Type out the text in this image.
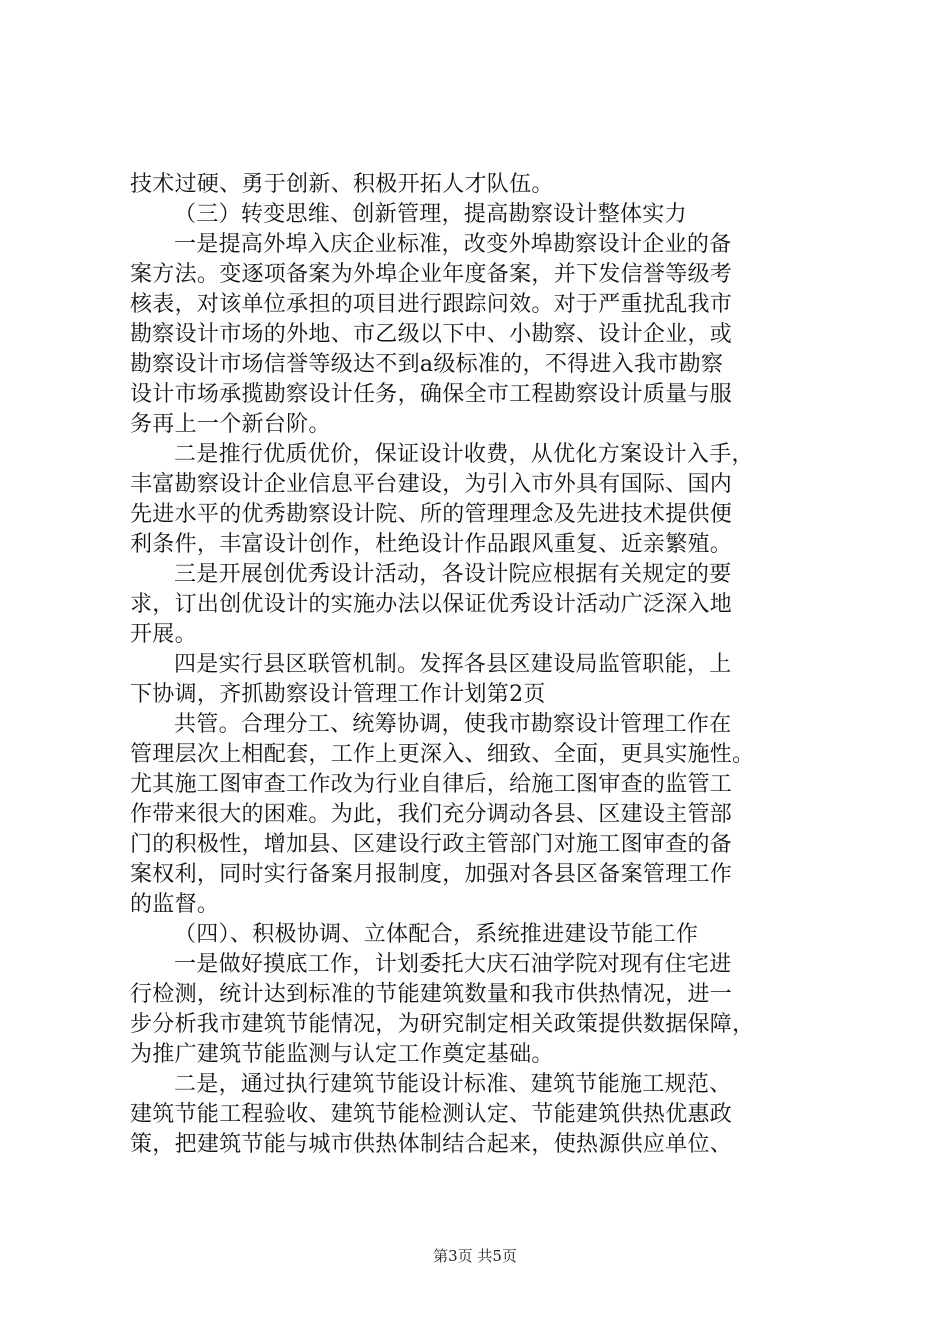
技术过硬、勇于创新、积极开拓人才队伍。
（三）转变思维、创新管理，提高勘察设计整体实力
一是提高外埠入庆企业标准，改变外埠勘察设计企业的备
案方法。变逐项备案为外埠企业年度备案，并下发信誉等级考
核表，对该单位承担的项目进行跟踪问效。对于严重扰乱我市
勘察设计市场的外地、市乙级以下中、小勘察、设计企业，或
勘察设计市场信誉等级达不到a级标准的，不得进入我市勘察
设计市场承揽勘察设计任务，确保全市工程勘察设计质量与服
务再上一个新台阶。
二是推行优质优价，保证设计收费，从优化方案设计入手，
丰富勘察设计企业信息平台建设，为引入市外具有国际、国内
先进水平的优秀勘察设计院、所的管理理念及先进技术提供便
利条件，丰富设计创作，杜绝设计作品跟风重复、近亲繁殖。
三是开展创优秀设计活动，各设计院应根据有关规定的要
求，订出创优设计的实施办法以保证优秀设计活动广泛深入地
开展。
四是实行县区联管机制。发挥各县区建设局监管职能，上
下协调，齐抓勘察设计管理工作计划第2页
共管。合理分工、统筹协调，使我市勘察设计管理工作在
管理层次上相配套，工作上更深入、细致、全面，更具实施性。
尤其施工图审查工作改为行业自律后，给施工图审查的监管工
作带来很大的困难。为此，我们充分调动各县、区建设主管部
门的积极性，增加县、区建设行政主管部门对施工图审查的备
案权利，同时实行备案月报制度，加强对各县区备案管理工作
的监督。
（四）、积极协调、立体配合，系统推进建设节能工作
一是做好摸底工作，计划委托大庆石油学院对现有住宅进
行检测，统计达到标准的节能建筑数量和我市供热情况，进一
步分析我市建筑节能情况，为研究制定相关政策提供数据保障，
为推广建筑节能监测与认定工作奠定基础。
二是，通过执行建筑节能设计标准、建筑节能施工规范、
建筑节能工程验收、建筑节能检测认定、节能建筑供热优惠政
策，把建筑节能与城市供热体制结合起来，使热源供应单位、
第3页 共5页
